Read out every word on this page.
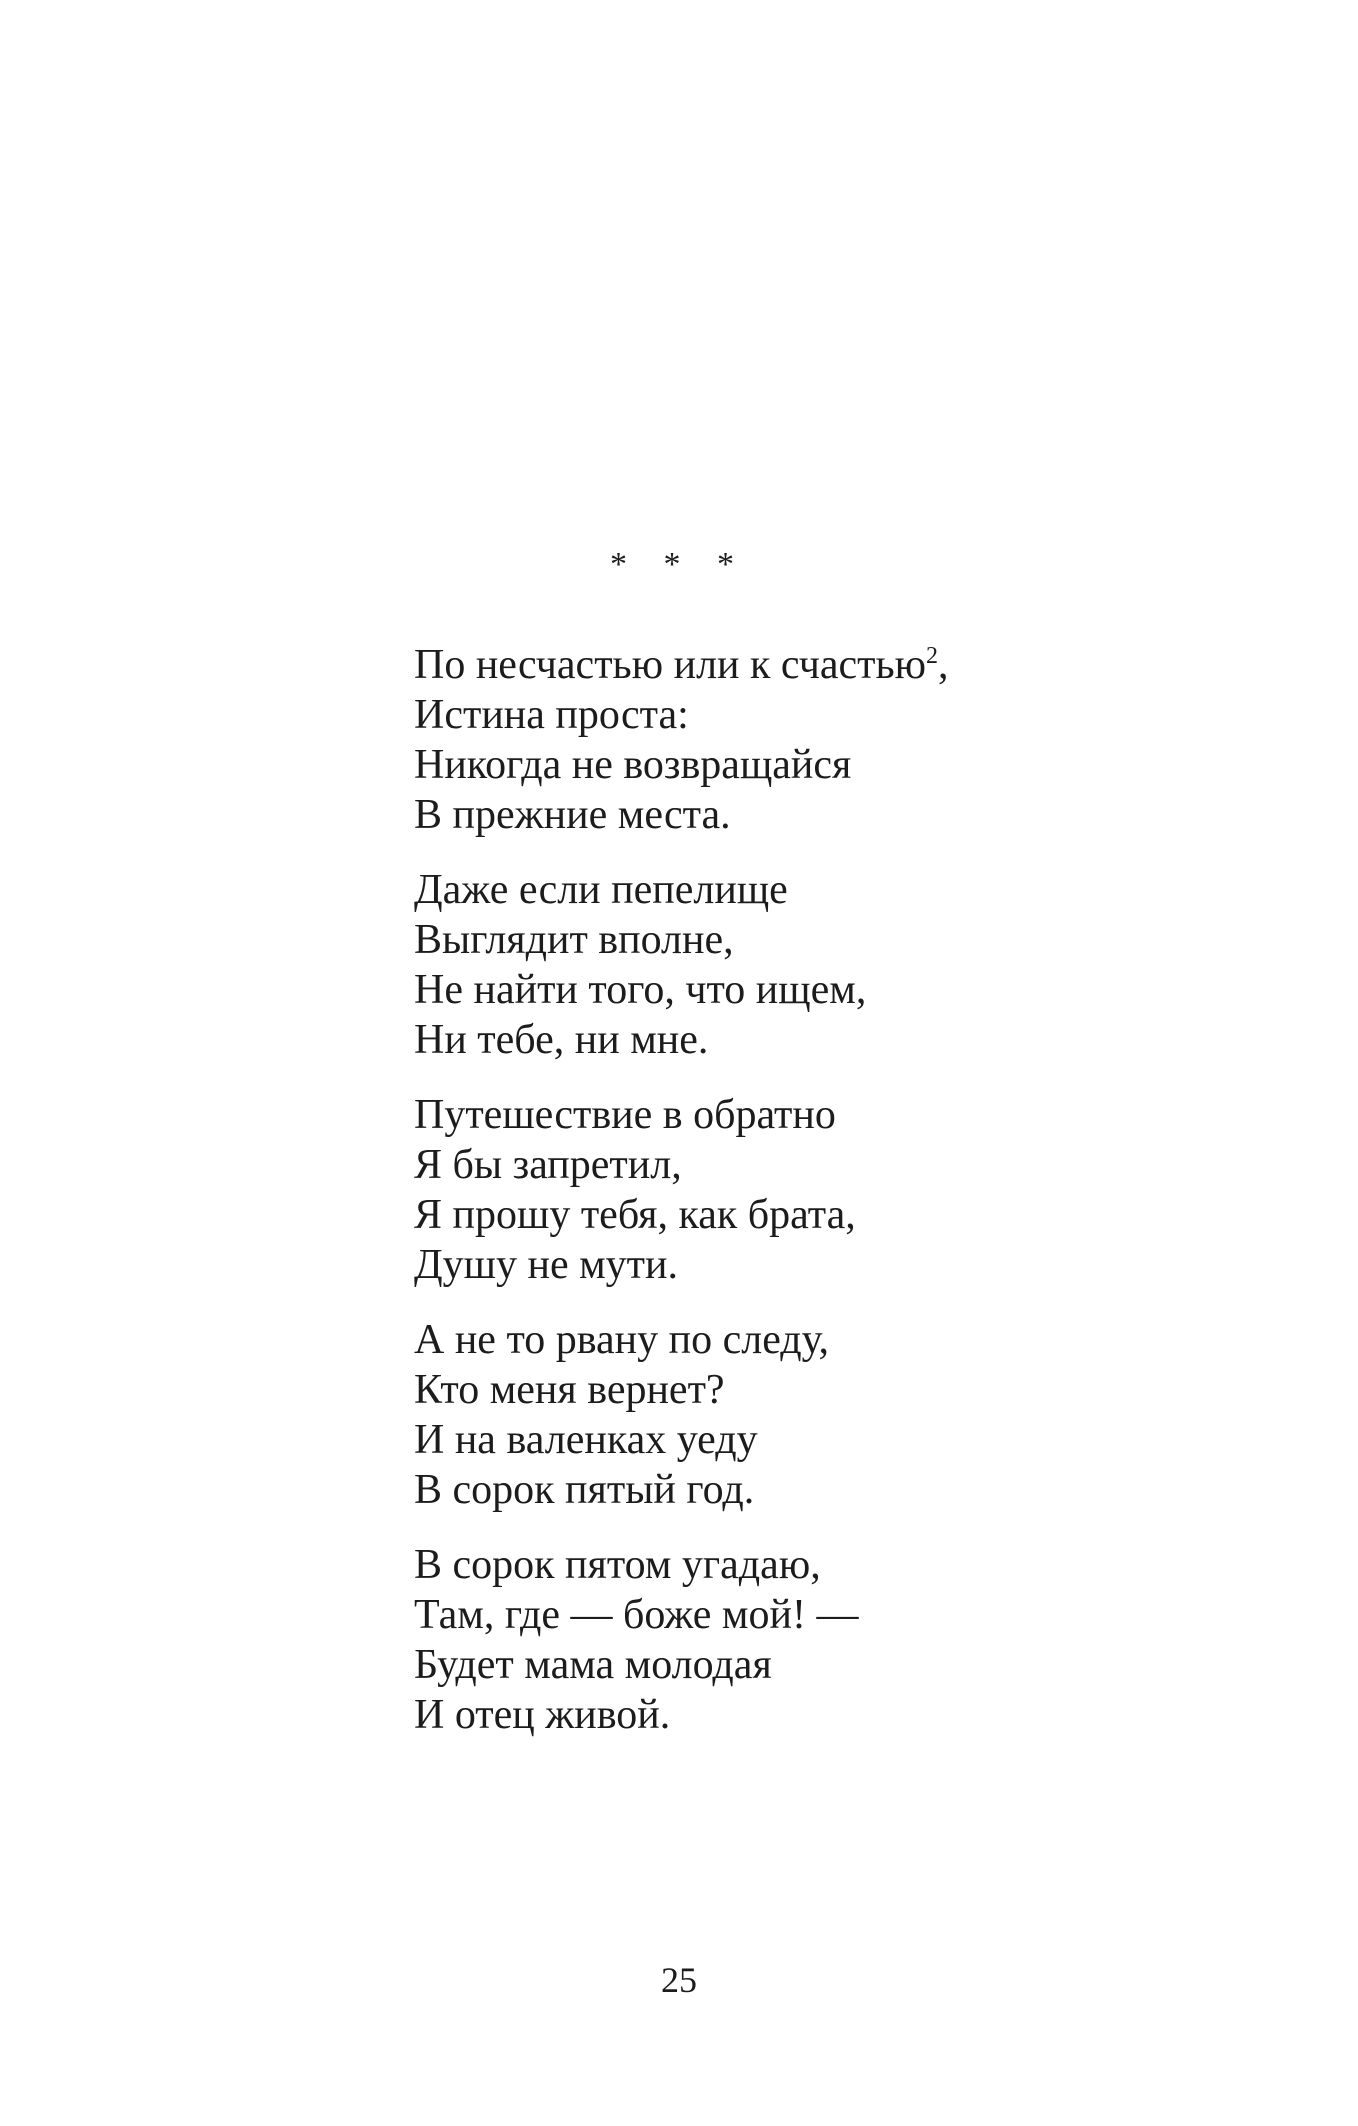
* * *
По несчастью или к счастью$^2$,
Истина проста:
Никогда не возвращайся
В прежние места.
Даже если пепелище
Выглядит вполне,
Не найти того, что ищем,
Ни тебе, ни мне.
Путешествие в обратно
Я бы запретил,
Я прошу тебя, как брата,
Душу не мути.
А не то рвану по следу,
Кто меня вернет?
И на валенках уеду
В сорок пятый год.
В сорок пятом угадаю,
Там, где — боже мой! —
Будет мама молодая
И отец живой.
25
